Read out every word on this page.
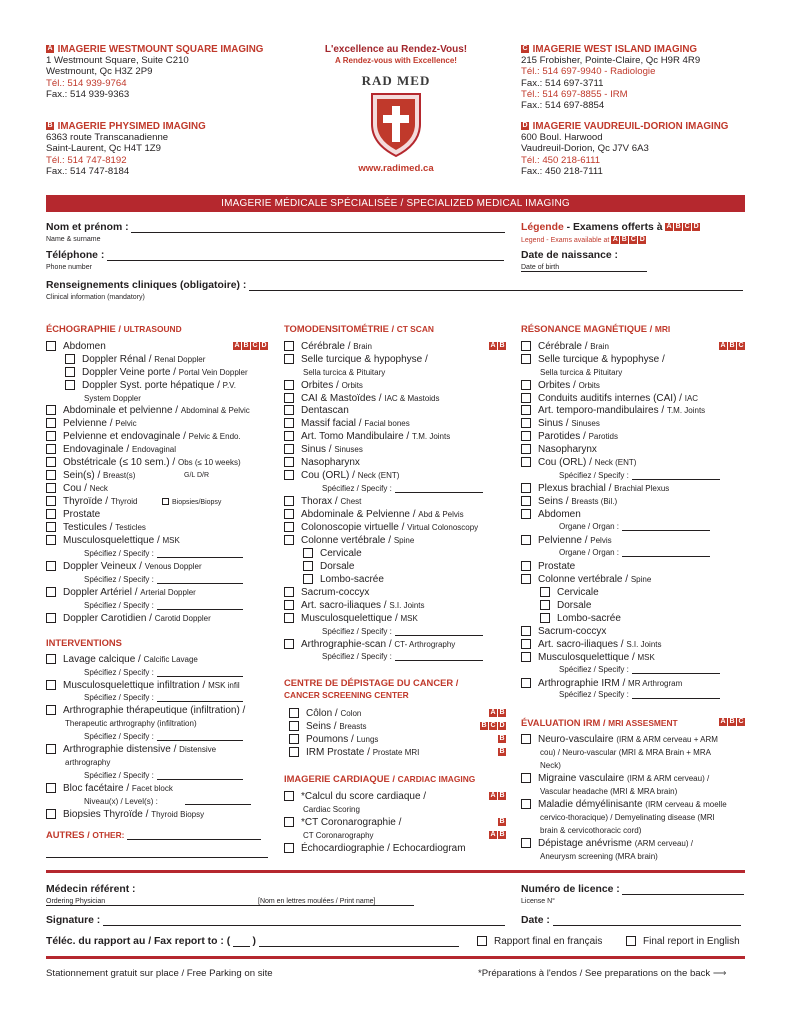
A IMAGERIE WESTMOUNT SQUARE IMAGING
1 Westmount Square, Suite C210
Westmount, Qc H3Z 2P9
Tél.: 514 939-9764
Fax.: 514 939-9363
B IMAGERIE PHYSIMED IMAGING
6363 route Transcanadienne
Saint-Laurent, Qc H4T 1Z9
Tél.: 514 747-8192
Fax.: 514 747-8184
L'excellence au Rendez-Vous!
A Rendez-vous with Excellence!
RAD MED
www.radimed.ca
C IMAGERIE WEST ISLAND IMAGING
215 Frobisher, Pointe-Claire, Qc H9R 4R9
Tél.: 514 697-9940 - Radiologie
Fax.: 514 697-3711
Tél.: 514 697-8855 - IRM
Fax.: 514 697-8854
D IMAGERIE VAUDREUIL-DORION IMAGING
600 Boul. Harwood
Vaudreuil-Dorion, Qc J7V 6A3
Tél.: 450 218-6111
Fax.: 450 218-7111
IMAGERIE MÉDICALE SPÉCIALISÉE / SPECIALIZED MEDICAL IMAGING
Nom et prénom :
Name & surname
Téléphone :
Phone number
Renseignements cliniques (obligatoire) :
Clinical information (mandatory)
Légende - Examens offerts à A B C D
Legend - Exams available at A B C D
Date de naissance :
Date of birth
ÉCHOGRAPHIE / ULTRASOUND
Abdomen
Doppler Rénal / Renal Doppler
Doppler Veine porte / Portal Vein Doppler
Doppler Syst. porte hépatique / P.V.
System Doppler
Abdominale et pelvienne / Abdominal & Pelvic
Pelvienne / Pelvic
Pelvienne et endovaginale / Pelvic & Endo.
Endovaginale / Endovaginal
Obstétricale (≤ 10 sem.) / Obs (≤ 10 weeks)
Sein(s) / Breast(s)
Cou / Neck
Thyroïde / Thyroid
Prostate
Testicules / Testicles
Musculosquelettique / MSK
Doppler Veineux / Venous Doppler
Doppler Artériel / Arterial Doppler
Doppler Carotidien / Carotid Doppler
Spécifiez / Specify :
Spécifiez / Specify :
Spécifiez / Specify :
A B C D
G/L D/R
Biopsies/Biopsy
INTERVENTIONS
Lavage calcique / Calcific Lavage
Musculosquelettique infiltration / MSK infil
Arthrographie thérapeutique (infiltration) /
Therapeutic arthrography (infiltration)
Arthrographie distensive / Distensive
arthrography
Bloc facétaire / Facet block
Niveau(x) / Level(s) :
Biopsies Thyroïde / Thyroid Biopsy
Spécifiez / Specify :
Spécifiez / Specify :
Spécifiez / Specify :
Spécifiez / Specify :
AUTRES / OTHER:
TOMODENSITOMÉTRIE / CT SCAN
A B
Cérébrale / Brain
Selle turcique & hypophyse /
Sella turcica & Pituitary
Orbites / Orbits
CAI & Mastoïdes / IAC & Mastoids
Dentascan
Massif facial / Facial bones
Art. Tomo Mandibulaire / T.M. Joints
Sinus / Sinuses
Nasopharynx
Cou (ORL) / Neck (ENT)
Thorax / Chest
Abdominale & Pelvienne / Abd & Pelvis
Colonoscopie virtuelle / Virtual Colonoscopy
Colonne vertébrale / Spine
Cervicale
Dorsale
Lombo-sacrée
Sacrum-coccyx
Art. sacro-iliaques / S.I. Joints
Musculosquelettique / MSK
Arthrographie-scan / CT- Arthrography
Spécifiez / Specify :
Spécifiez / Specify :
Spécifiez / Specify :
CENTRE DE DÉPISTAGE DU CANCER /
CANCER SCREENING CENTER
Côlon / Colon
Seins / Breasts
Poumons / Lungs
IRM Prostate / Prostate MRI
A B
B C D
B
B
IMAGERIE CARDIAQUE / CARDIAC IMAGING
*Calcul du score cardiaque /
Cardiac Scoring
*CT Coronarographie /
CT Coronarography
Échocardiographie / Echocardiogram
A B
B
A B
RÉSONANCE MAGNÉTIQUE / MRI
A B C
Cérébrale / Brain
Selle turcique & hypophyse /
Sella turcica & Pituitary
Orbites / Orbits
Conduits auditifs internes (CAI) / IAC
Art. temporo-mandibulaires / T.M. Joints
Sinus / Sinuses
Parotides / Parotids
Nasopharynx
Cou (ORL) / Neck (ENT)
Plexus brachial / Brachial Plexus
Seins / Breasts (Bil.)
Abdomen
Pelvienne / Pelvis
Prostate
Colonne vertébrale / Spine
Cervicale
Dorsale
Lombo-sacrée
Sacrum-coccyx
Art. sacro-iliaques / S.I. Joints
Musculosquelettique / MSK
Arthrographie IRM / MR Arthrogram
Spécifiez / Specify :
Organe / Organ :
Organe / Organ :
Spécifiez / Specify :
Spécifiez / Specify :
ÉVALUATION IRM / MRI ASSESMENT	A B C
Neuro-vasculaire (IRM & ARM cerveau + ARM
cou) / Neuro-vascular (MRI & MRA Brain + MRA
Neck)
Migraine vasculaire (IRM & ARM cerveau) /
Vascular headache (MRI & MRA brain)
Maladie démyélinisante (IRM cerveau & moelle
cervico-thoracique) / Demyelinating disease (MRI
brain & cervicothoracic cord)
Dépistage anévrisme (ARM cerveau) /
Aneurysm screening (MRA brain)
Médecin référent :
Ordering Physician	[Nom en lettres moulées / Print name]
Numéro de licence :
License N°
Signature :	Date :
Téléc. du rapport au / Fax report to : ( )	Rapport final en français	Final report in English
Stationnement gratuit sur place / Free Parking on site	*Préparations à l'endos / See preparations on the back ⟶
